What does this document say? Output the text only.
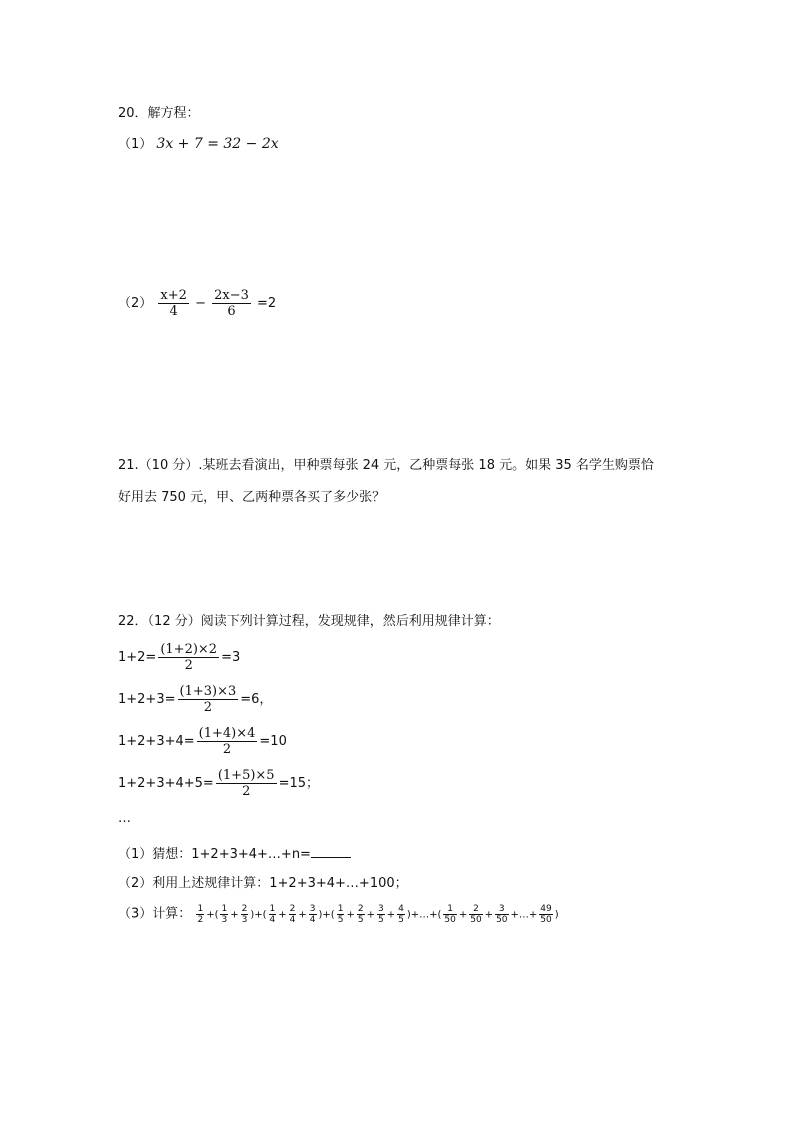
20．解方程：
（1） 3x + 7 = 32 − 2x
$(2) \frac{x+2}{4} - \frac{2x-3}{6} =2$
21.（10 分）.某班去看演出，甲种票每张 24 元，乙种票每张 18 元。如果 35 名学生购票恰
好用去 750 元，甲、乙两种票各买了多少张？
22．（12 分）阅读下列计算过程，发现规律，然后利用规律计算：
$1+2= \frac{(1+2)\times 2}{2} =3$
$1+2+3= \frac{(1+3)\times 3}{2} =6$，
$1+2+3+4= \frac{(1+4)\times 4}{2} =10$
$1+2+3+4+5= \frac{(1+5)\times 5}{2} =15$；
…
（1）猜想：1+2+3+4+…+n=
（2）利用上述规律计算：1+2+3+4+…+100；
（3）计算： $\frac{1}{2}$ +( $\frac{1}{3} + \frac{2}{3}$ )+( $\frac{1}{4} + \frac{2}{4} + \frac{3}{4}$ )+( $\frac{1}{5} + \frac{2}{5} + \frac{3}{5} + \frac{4}{5}$ )+…+( $\frac{1}{50} + \frac{2}{50} + \frac{3}{50}$ +…+ $\frac{49}{50}$ )
